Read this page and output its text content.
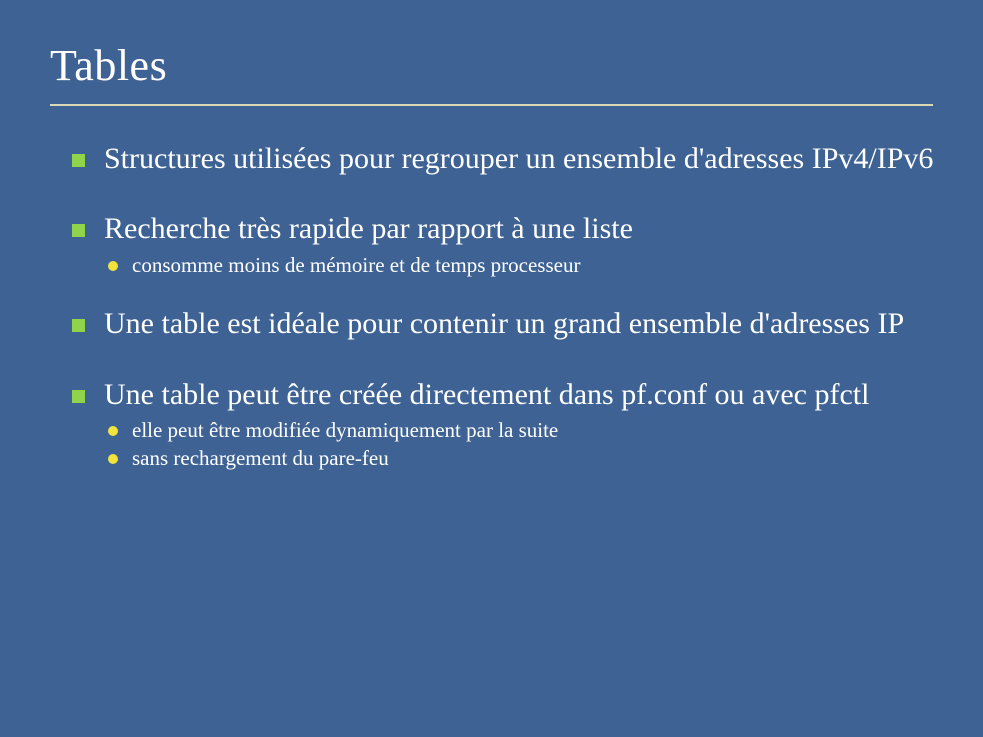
Tables
Structures utilisées pour regrouper un ensemble d'adresses IPv4/IPv6
Recherche très rapide par rapport à une liste
consomme moins de mémoire et de temps processeur
Une table est idéale pour contenir un grand ensemble d'adresses IP
Une table peut être créée directement dans pf.conf ou avec pfctl
elle peut être modifiée dynamiquement par la suite
sans rechargement du pare-feu
